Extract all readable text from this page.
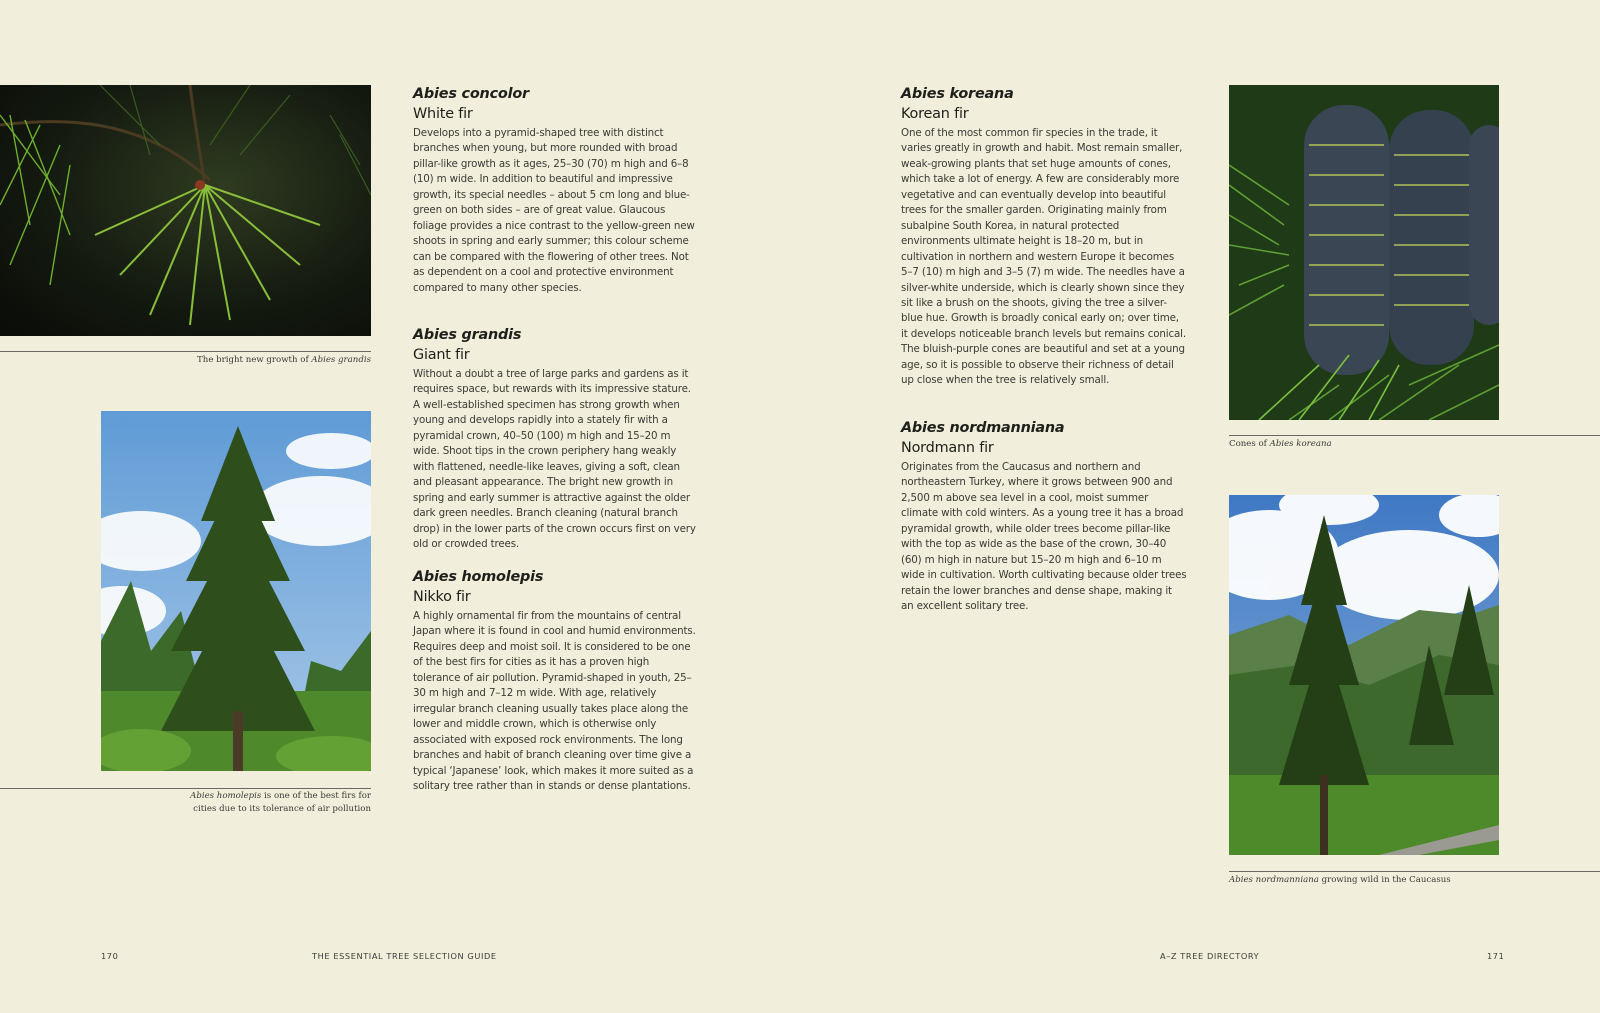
The bright new growth of Abies grandis
Abies homolepis is one of the best firs for
cities due to its tolerance of air pollution

Abies concolor

White fir

Develops into a pyramid-shaped tree with distinct branches when young, but more rounded with broad pillar-like growth as it ages, 25–30 (70) m high and 6–8 (10) m wide. In addition to beautiful and impressive growth, its special needles – about 5 cm long and blue-green on both sides – are of great value. Glaucous foliage provides a nice contrast to the yellow-green new shoots in spring and early summer; this colour scheme can be compared with the flowering of other trees. Not as dependent on a cool and protective environment compared to many other species.

Abies grandis

Giant fir

Without a doubt a tree of large parks and gardens as it requires space, but rewards with its impressive stature. A well-established specimen has strong growth when young and develops rapidly into a stately fir with a pyramidal crown, 40–50 (100) m high and 15–20 m wide. Shoot tips in the crown periphery hang weakly with flattened, needle-like leaves, giving a soft, clean and pleasant appearance. The bright new growth in spring and early summer is attractive against the older dark green needles. Branch cleaning (natural branch drop) in the lower parts of the crown occurs first on very old or crowded trees.

Abies homolepis

Nikko fir

A highly ornamental fir from the mountains of central Japan where it is found in cool and humid environments. Requires deep and moist soil. It is considered to be one of the best firs for cities as it has a proven high tolerance of air pollution. Pyramid-shaped in youth, 25–30 m high and 7–12 m wide. With age, relatively irregular branch cleaning usually takes place along the lower and middle crown, which is otherwise only associated with exposed rock environments. The long branches and habit of branch cleaning over time give a typical ‘Japanese’ look, which makes it more suited as a solitary tree rather than in stands or dense plantations.

Abies koreana

Korean fir

One of the most common fir species in the trade, it varies greatly in growth and habit. Most remain smaller, weak-growing plants that set huge amounts of cones, which take a lot of energy. A few are considerably more vegetative and can eventually develop into beautiful trees for the smaller garden. Originating mainly from subalpine South Korea, in natural protected environments ultimate height is 18–20 m, but in cultivation in northern and western Europe it becomes 5–7 (10) m high and 3–5 (7) m wide. The needles have a silver-white underside, which is clearly shown since they sit like a brush on the shoots, giving the tree a silver-blue hue. Growth is broadly conical early on; over time, it develops noticeable branch levels but remains conical. The bluish-purple cones are beautiful and set at a young age, so it is possible to observe their richness of detail up close when the tree is relatively small.

Abies nordmanniana

Nordmann fir

Originates from the Caucasus and northern and northeastern Turkey, where it grows between 900 and 2,500 m above sea level in a cool, moist summer climate with cold winters. As a young tree it has a broad pyramidal growth, while older trees become pillar-like with the top as wide as the base of the crown, 30–40 (60) m high in nature but 15–20 m high and 6–10 m wide in cultivation. Worth cultivating because older trees retain the lower branches and dense shape, making it an excellent solitary tree.

Cones of Abies koreana
Abies nordmanniana growing wild in the Caucasus
170	THE ESSENTIAL TREE SELECTION GUIDE	A–Z TREE DIRECTORY	171
